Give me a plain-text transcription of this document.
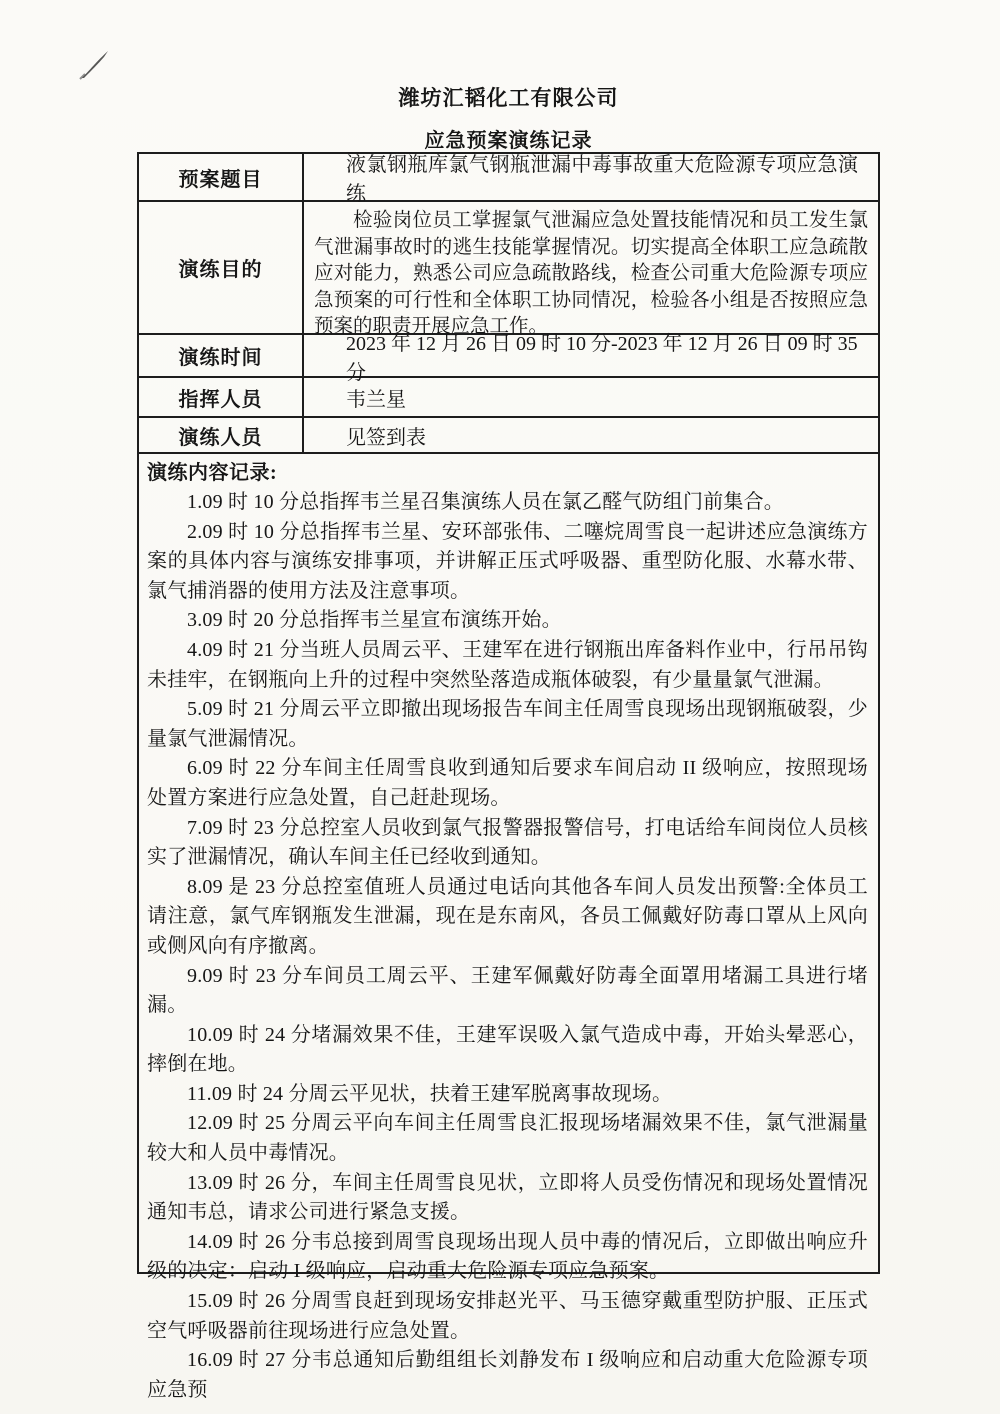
潍坊汇韬化工有限公司
应急预案演练记录
预案题目
液氯钢瓶库氯气钢瓶泄漏中毒事故重大危险源专项应急演练
演练目的
检验岗位员工掌握氯气泄漏应急处置技能情况和员工发生氯气泄漏事故时的逃生技能掌握情况。切实提高全体职工应急疏散应对能力，熟悉公司应急疏散路线，检查公司重大危险源专项应急预案的可行性和全体职工协同情况，检验各小组是否按照应急预案的职责开展应急工作。
演练时间
2023 年 12 月 26 日 09 时 10 分-2023 年 12 月 26 日 09 时 35 分
指挥人员	韦兰星
演练人员	见签到表

演练内容记录:

1.09 时 10 分总指挥韦兰星召集演练人员在氯乙醛气防组门前集合。

2.09 时 10 分总指挥韦兰星、安环部张伟、二噻烷周雪良一起讲述应急演练方案的具体内容与演练安排事项，并讲解正压式呼吸器、重型防化服、水幕水带、氯气捕消器的使用方法及注意事项。

3.09 时 20 分总指挥韦兰星宣布演练开始。

4.09 时 21 分当班人员周云平、王建军在进行钢瓶出库备料作业中，行吊吊钩未挂牢，在钢瓶向上升的过程中突然坠落造成瓶体破裂，有少量量氯气泄漏。

5.09 时 21 分周云平立即撤出现场报告车间主任周雪良现场出现钢瓶破裂，少量氯气泄漏情况。

6.09 时 22 分车间主任周雪良收到通知后要求车间启动 II 级响应，按照现场处置方案进行应急处置，自己赶赴现场。

7.09 时 23 分总控室人员收到氯气报警器报警信号，打电话给车间岗位人员核实了泄漏情况，确认车间主任已经收到通知。

8.09 是 23 分总控室值班人员通过电话向其他各车间人员发出预警:全体员工请注意，氯气库钢瓶发生泄漏，现在是东南风，各员工佩戴好防毒口罩从上风向或侧风向有序撤离。

9.09 时 23 分车间员工周云平、王建军佩戴好防毒全面罩用堵漏工具进行堵漏。

10.09 时 24 分堵漏效果不佳，王建军误吸入氯气造成中毒，开始头晕恶心，摔倒在地。

11.09 时 24 分周云平见状，扶着王建军脱离事故现场。

12.09 时 25 分周云平向车间主任周雪良汇报现场堵漏效果不佳，氯气泄漏量较大和人员中毒情况。

13.09 时 26 分，车间主任周雪良见状，立即将人员受伤情况和现场处置情况通知韦总，请求公司进行紧急支援。

14.09 时 26 分韦总接到周雪良现场出现人员中毒的情况后，立即做出响应升级的决定：启动 I 级响应，启动重大危险源专项应急预案。

15.09 时 26 分周雪良赶到现场安排赵光平、马玉德穿戴重型防护服、正压式空气呼吸器前往现场进行应急处置。

16.09 时 27 分韦总通知后勤组组长刘静发布 I 级响应和启动重大危险源专项应急预
